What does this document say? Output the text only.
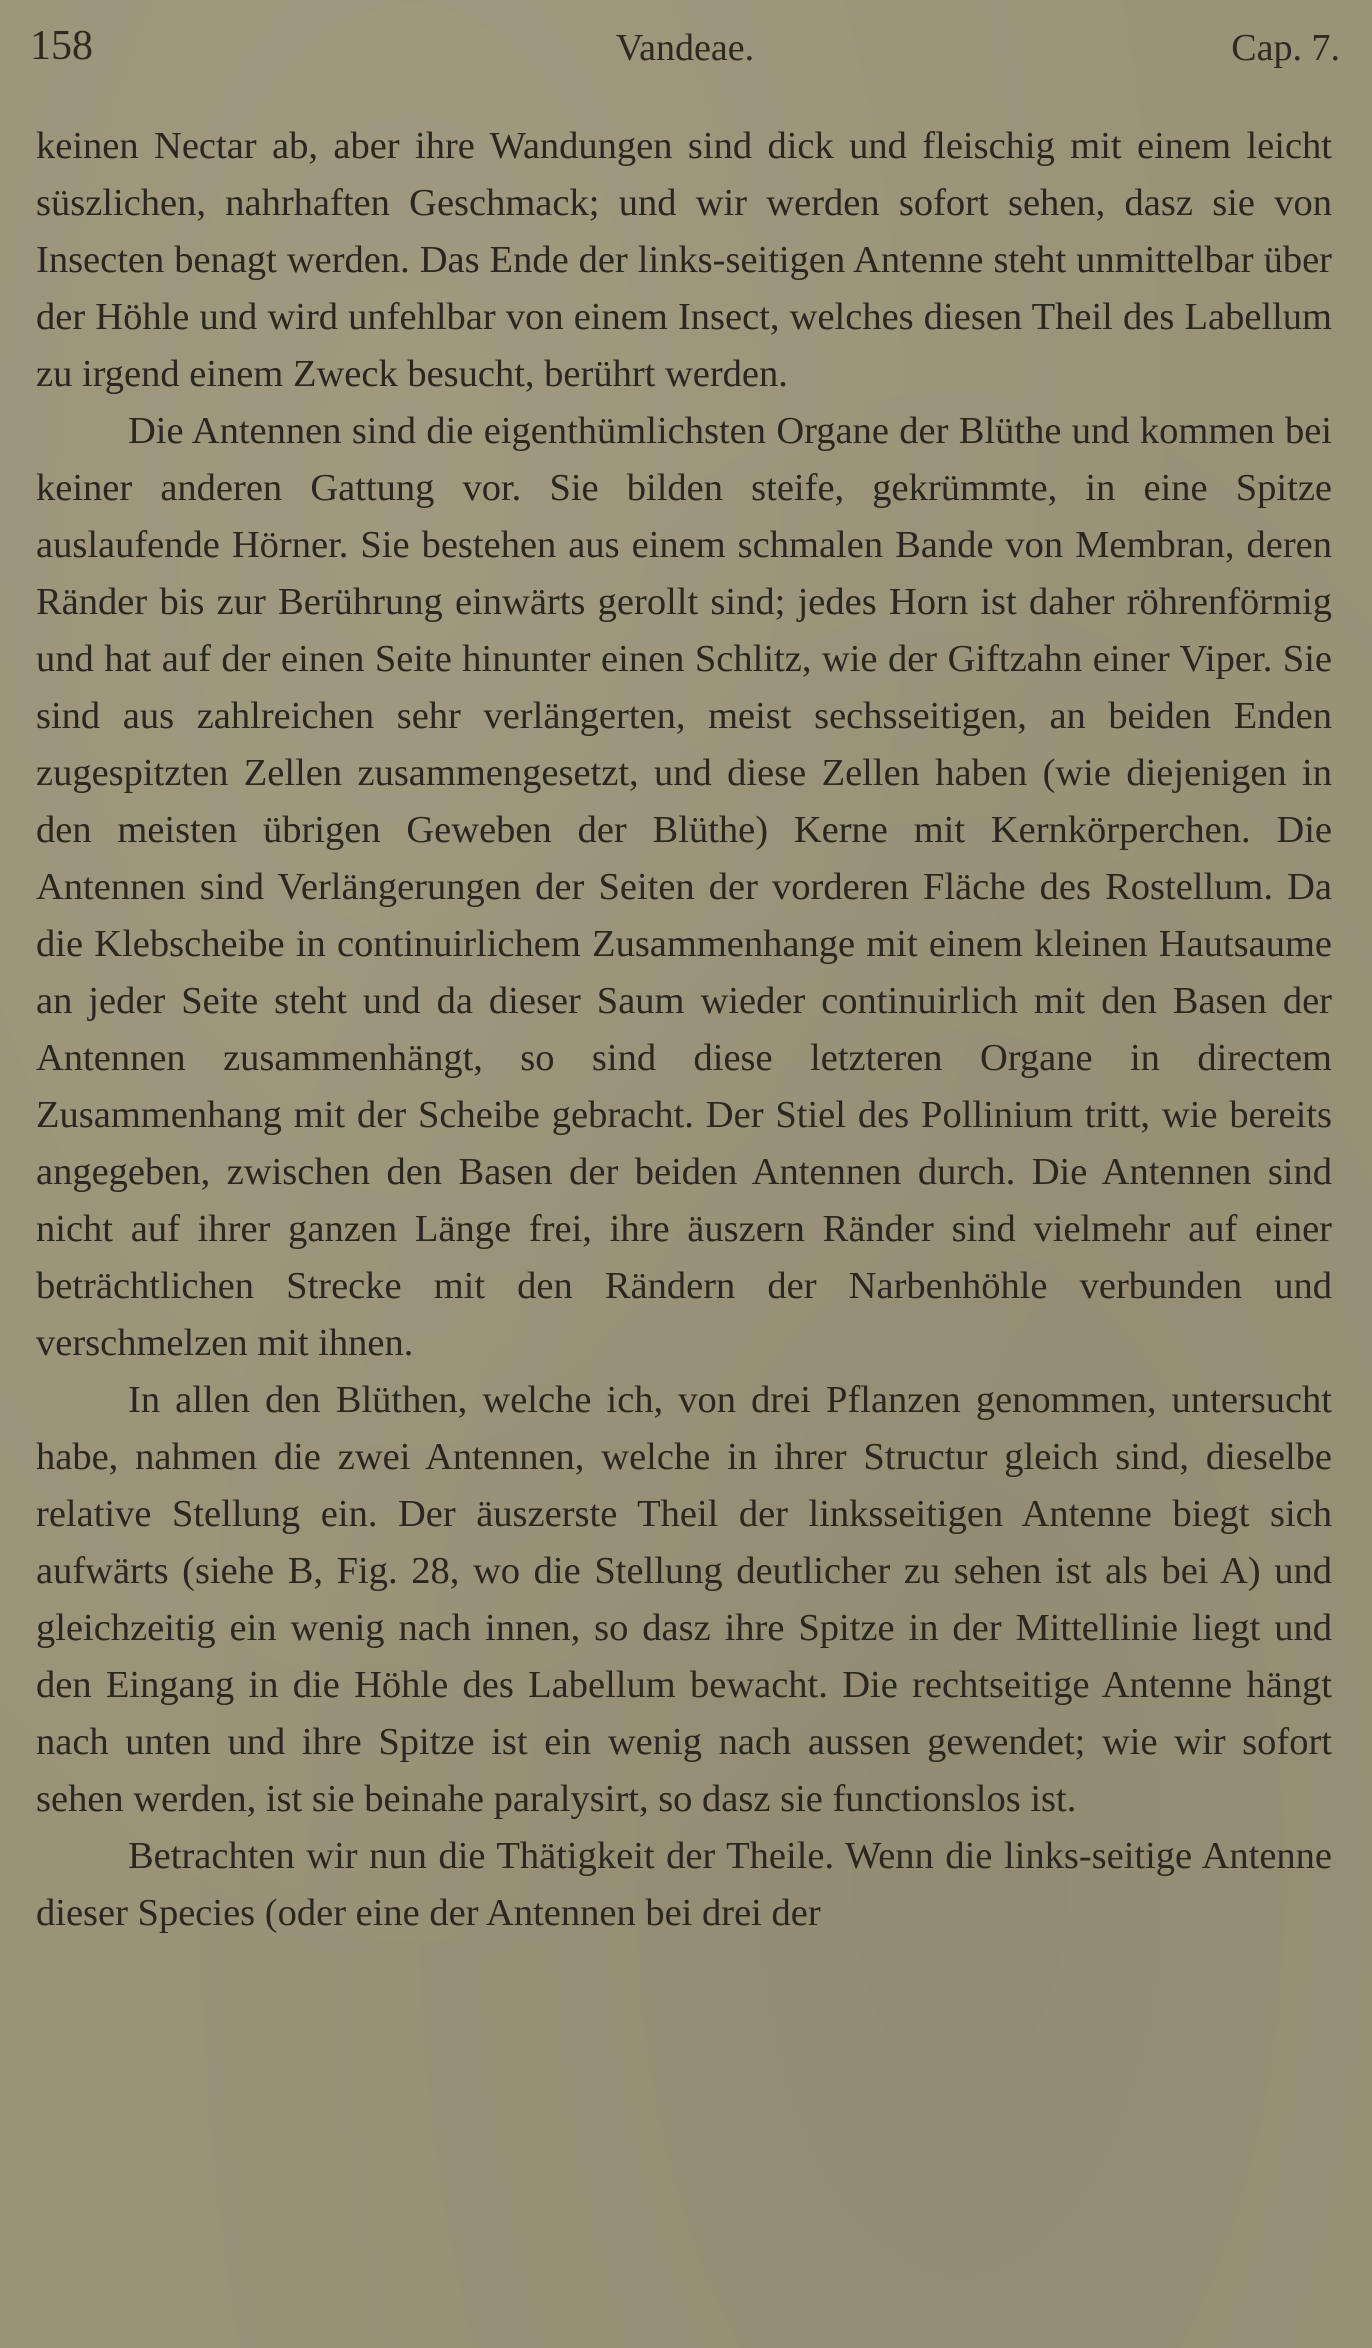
158	Vandeae.	Cap. 7.

keinen Nectar ab, aber ihre Wandungen sind dick und fleischig mit einem leicht süszlichen, nahrhaften Geschmack; und wir werden sofort sehen, dasz sie von Insecten benagt werden. Das Ende der links-seitigen Antenne steht unmittelbar über der Höhle und wird unfehlbar von einem Insect, welches diesen Theil des Labellum zu irgend einem Zweck besucht, berührt werden.

Die Antennen sind die eigenthümlichsten Organe der Blüthe und kommen bei keiner anderen Gattung vor. Sie bilden steife, gekrümmte, in eine Spitze auslaufende Hörner. Sie bestehen aus einem schmalen Bande von Membran, deren Ränder bis zur Berührung einwärts gerollt sind; jedes Horn ist daher röhrenförmig und hat auf der einen Seite hinunter einen Schlitz, wie der Giftzahn einer Viper. Sie sind aus zahlreichen sehr verlängerten, meist sechsseitigen, an beiden Enden zugespitzten Zellen zusammengesetzt, und diese Zellen haben (wie diejenigen in den meisten übrigen Geweben der Blüthe) Kerne mit Kernkörperchen. Die Antennen sind Verlängerungen der Seiten der vorderen Fläche des Rostellum. Da die Klebscheibe in continuirlichem Zusammenhange mit einem kleinen Hautsaume an jeder Seite steht und da dieser Saum wieder continuirlich mit den Basen der Antennen zusammenhängt, so sind diese letzteren Organe in directem Zusammenhang mit der Scheibe gebracht. Der Stiel des Pollinium tritt, wie bereits angegeben, zwischen den Basen der beiden Antennen durch. Die Antennen sind nicht auf ihrer ganzen Länge frei, ihre äuszern Ränder sind vielmehr auf einer beträchtlichen Strecke mit den Rändern der Narbenhöhle verbunden und verschmelzen mit ihnen.

In allen den Blüthen, welche ich, von drei Pflanzen genommen, untersucht habe, nahmen die zwei Antennen, welche in ihrer Structur gleich sind, dieselbe relative Stellung ein. Der äuszerste Theil der linksseitigen Antenne biegt sich aufwärts (siehe B, Fig. 28, wo die Stellung deutlicher zu sehen ist als bei A) und gleichzeitig ein wenig nach innen, so dasz ihre Spitze in der Mittellinie liegt und den Eingang in die Höhle des Labellum bewacht. Die rechtseitige Antenne hängt nach unten und ihre Spitze ist ein wenig nach aussen gewendet; wie wir sofort sehen werden, ist sie beinahe paralysirt, so dasz sie functionslos ist.

Betrachten wir nun die Thätigkeit der Theile. Wenn die links-seitige Antenne dieser Species (oder eine der Antennen bei drei der
